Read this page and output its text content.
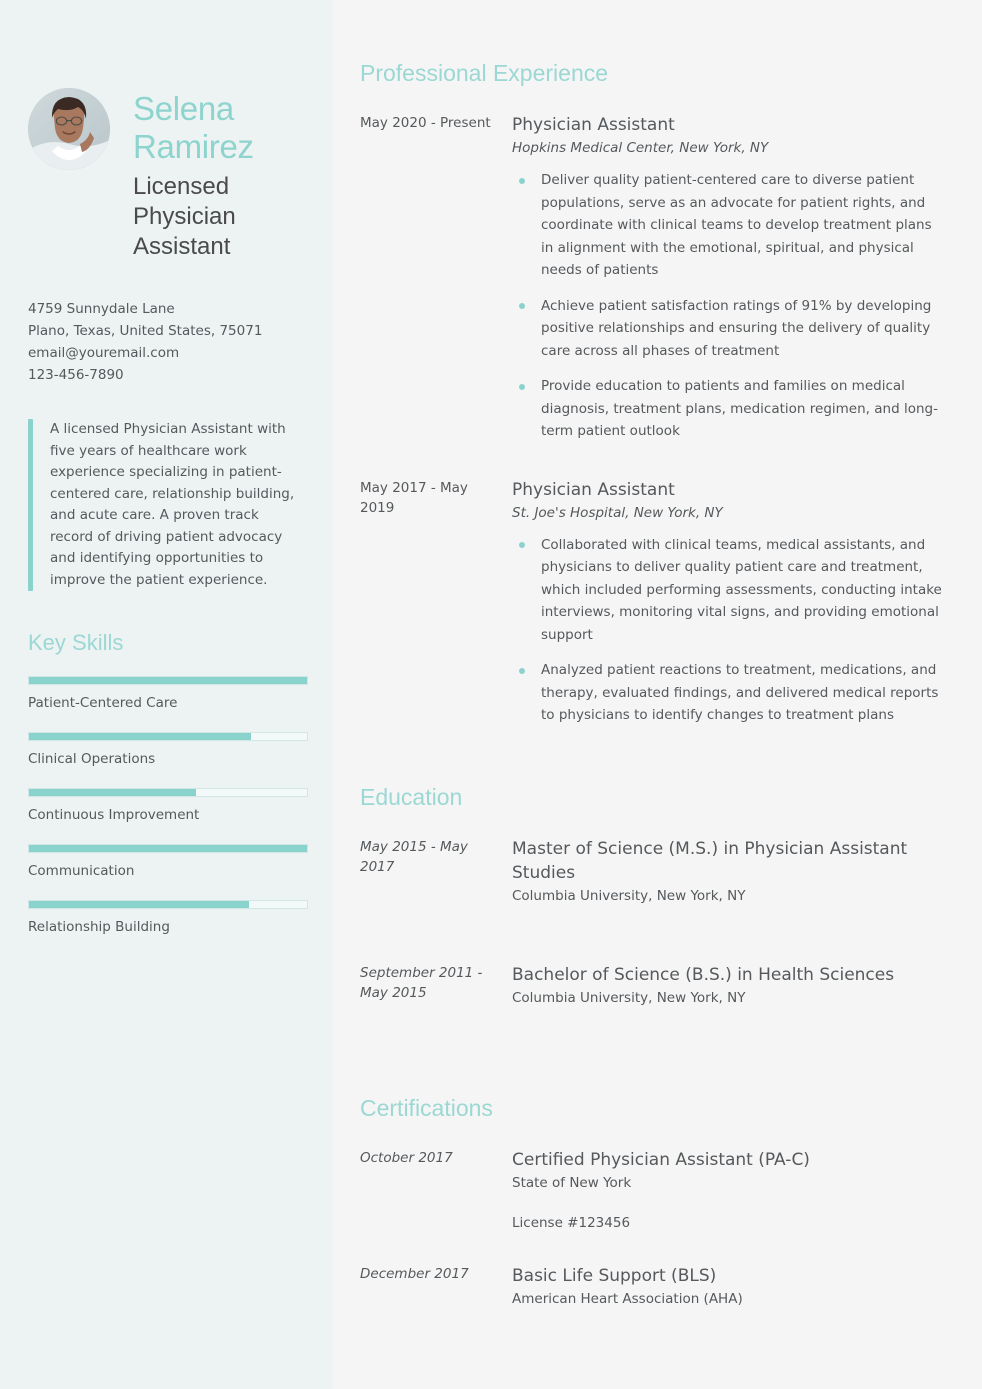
Selena
Ramirez
Licensed
Physician
Assistant
4759 Sunnydale Lane
Plano, Texas, United States, 75071
email@youremail.com
123-456-7890
A licensed Physician Assistant with five years of healthcare work experience specializing in patient-centered care, relationship building, and acute care. A proven track record of driving patient advocacy and identifying opportunities to improve the patient experience.
Key Skills
Patient-Centered Care
Clinical Operations
Continuous Improvement
Communication
Relationship Building
Professional Experience
May 2020 - Present	Physician Assistant
Hopkins Medical Center, New York, NY
Deliver quality patient-centered care to diverse patient populations, serve as an advocate for patient rights, and coordinate with clinical teams to develop treatment plans in alignment with the emotional, spiritual, and physical needs of patients
Achieve patient satisfaction ratings of 91% by developing positive relationships and ensuring the delivery of quality care across all phases of treatment
Provide education to patients and families on medical diagnosis, treatment plans, medication regimen, and long-term patient outlook
May 2017 - May 2019
Physician Assistant
St. Joe's Hospital, New York, NY
Collaborated with clinical teams, medical assistants, and physicians to deliver quality patient care and treatment, which included performing assessments, conducting intake interviews, monitoring vital signs, and providing emotional support
Analyzed patient reactions to treatment, medications, and therapy, evaluated findings, and delivered medical reports to physicians to identify changes to treatment plans
Education
May 2015 - May 2017
Master of Science (M.S.) in Physician Assistant Studies
Columbia University, New York, NY
September 2011 - May 2015
Bachelor of Science (B.S.) in Health Sciences
Columbia University, New York, NY
Certifications
October 2017	Certified Physician Assistant (PA-C)
State of New York
License #123456
December 2017	Basic Life Support (BLS)
American Heart Association (AHA)
